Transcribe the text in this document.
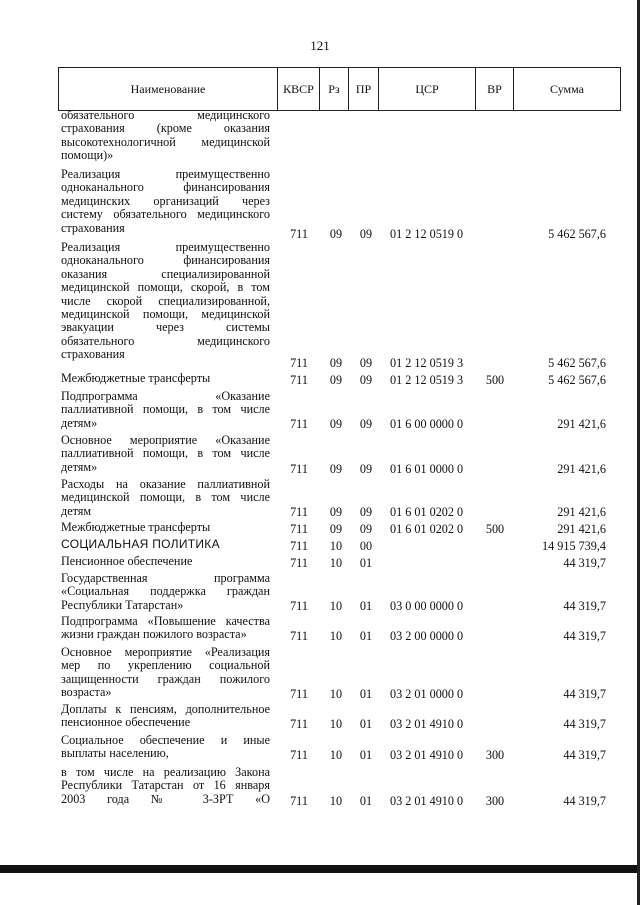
121
Наименование	КВСР	Рз	ПР	ЦСР	ВР	Сумма
обязательного медицинского
страхования (кроме оказания
высокотехнологичной медицинской
помощи)»
Реализация преимущественно
одноканального финансирования
медицинских организаций через
систему обязательного медицинского
страхования	711	09	09	01 2 12 0519 0	5 462 567,6
Реализация преимущественно
одноканального финансирования
оказания специализированной
медицинской помощи, скорой, в том
числе скорой специализированной,
медицинской помощи, медицинской
эвакуации через системы
обязательного медицинского
страхования
711	09	09	01 2 12 0519 3	5 462 567,6
Межбюджетные трансферты	711	09	09	01 2 12 0519 3	500	5 462 567,6
Подпрограмма «Оказание
паллиативной помощи, в том числе
детям»	711	09	09	01 6 00 0000 0	291 421,6
Основное мероприятие «Оказание
паллиативной помощи, в том числе
детям»	711	09	09	01 6 01 0000 0	291 421,6
Расходы на оказание паллиативной
медицинской помощи, в том числе
детям	711	09	09	01 6 01 0202 0	291 421,6
Межбюджетные трансферты	711	09	09	01 6 01 0202 0	500	291 421,6
СОЦИАЛЬНАЯ ПОЛИТИКА	711	10	00	14 915 739,4
Пенсионное обеспечение	711	10	01	44 319,7
Государственная программа
«Социальная поддержка граждан
Республики Татарстан»	711	10	01	03 0 00 0000 0	44 319,7
Подпрограмма «Повышение качества
жизни граждан пожилого возраста»	711	10	01	03 2 00 0000 0	44 319,7
Основное мероприятие «Реализация
мер по укреплению социальной
защищенности граждан пожилого
возраста»	711	10	01	03 2 01 0000 0	44 319,7
Доплаты к пенсиям, дополнительное
пенсионное обеспечение	711	10	01	03 2 01 4910 0	44 319,7
Социальное обеспечение и иные
выплаты населению,	711	10	01	03 2 01 4910 0	300	44 319,7
в том числе на реализацию Закона
Республики Татарстан от 16 января
2003 года № 3-ЗРТ «О 711	10	01	03 2 01 4910 0	300	44 319,7
